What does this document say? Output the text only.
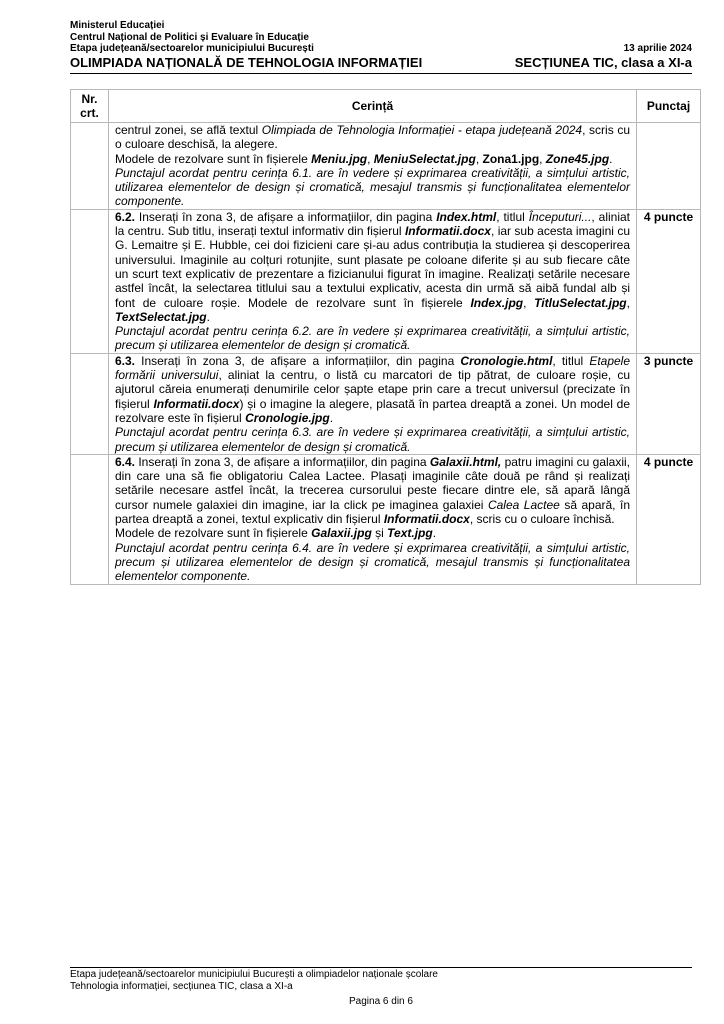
Ministerul Educației
Centrul Național de Politici și Evaluare în Educație
Etapa județeană/sectoarelor municipiului București	13 aprilie 2024
OLIMPIADA NAȚIONALĂ DE TEHNOLOGIA INFORMAȚIEI	SECȚIUNEA TIC, clasa a XI-a
Nr. crt.	Cerință	Punctaj

	centrul zonei, se află textul Olimpiada de Tehnologia Informației - etapa județeană 2024, scris cu o culoare deschisă, la alegere.

Modele de rezolvare sunt în fișierele Meniu.jpg, MeniuSelectat.jpg, Zona1.jpg, Zone45.jpg.

Punctajul acordat pentru cerința 6.1. are în vedere și exprimarea creativității, a simțului artistic, utilizarea elementelor de design și cromatică, mesajul transmis și funcționalitatea elementelor componente.	

	6.2. Inserați în zona 3, de afișare a informațiilor, din pagina Index.html, titlul Începuturi..., aliniat la centru. Sub titlu, inserați textul informativ din fișierul Informatii.docx, iar sub acesta imagini cu G. Lemaitre și E. Hubble, cei doi fizicieni care și-au adus contribuția la studierea și descoperirea universului. Imaginile au colțuri rotunjite, sunt plasate pe coloane diferite și au sub fiecare câte un scurt text explicativ de prezentare a fizicianului figurat în imagine. Realizați setările necesare astfel încât, la selectarea titlului sau a textului explicativ, acesta din urmă să aibă fundal alb și font de culoare roșie. Modele de rezolvare sunt în fișierele Index.jpg, TitluSelectat.jpg, TextSelectat.jpg.

Punctajul acordat pentru cerința 6.2. are în vedere și exprimarea creativității, a simțului artistic, precum și utilizarea elementelor de design și cromatică.	4 puncte

	6.3. Inserați în zona 3, de afișare a informațiilor, din pagina Cronologie.html, titlul Etapele formării universului, aliniat la centru, o listă cu marcatori de tip pătrat, de culoare roșie, cu ajutorul căreia enumerați denumirile celor șapte etape prin care a trecut universul (precizate în fișierul Informatii.docx) și o imagine la alegere, plasată în partea dreaptă a zonei. Un model de rezolvare este în fișierul Cronologie.jpg.

Punctajul acordat pentru cerința 6.3. are în vedere și exprimarea creativității, a simțului artistic, precum și utilizarea elementelor de design și cromatică.	3 puncte

	6.4. Inserați în zona 3, de afișare a informațiilor, din pagina Galaxii.html, patru imagini cu galaxii, din care una să fie obligatoriu Calea Lactee. Plasați imaginile câte două pe rând și realizați setările necesare astfel încât, la trecerea cursorului peste fiecare dintre ele, să apară lângă cursor numele galaxiei din imagine, iar la click pe imaginea galaxiei Calea Lactee să apară, în partea dreaptă a zonei, textul explicativ din fișierul Informatii.docx, scris cu o culoare închisă.

Modele de rezolvare sunt în fișierele Galaxii.jpg și Text.jpg.

Punctajul acordat pentru cerința 6.4. are în vedere și exprimarea creativității, a simțului artistic, precum și utilizarea elementelor de design și cromatică, mesajul transmis și funcționalitatea elementelor componente.	4 puncte
Etapa județeană/sectoarelor municipiului București a olimpiadelor naționale școlare
Tehnologia informației, secțiunea TIC, clasa a XI-a
Pagina 6 din 6
